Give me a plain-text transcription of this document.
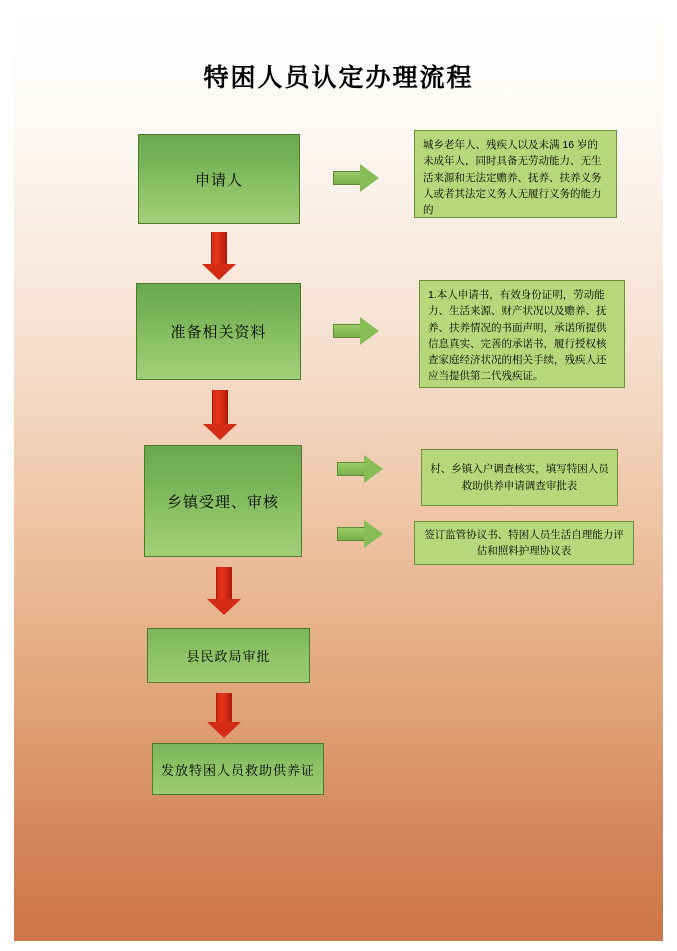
特困人员认定办理流程
申请人
城乡老年人、残疾人以及未满 16 岁的未成年人，同时具备无劳动能力、无生活来源和无法定赡养、抚养、扶养义务人或者其法定义务人无履行义务的能力的
准备相关资料
1.本人申请书，有效身份证明，劳动能力、生活来源、财产状况以及赡养、抚养、扶养情况的书面声明，承诺所提供信息真实、完善的承诺书，履行授权核查家庭经济状况的相关手续，残疾人还应当提供第二代残疾证。
乡镇受理、审核
村、乡镇入户调查核实，填写特困人员救助供养申请调查审批表
签订监管协议书、特困人员生活自理能力评估和照料护理协议表
县民政局审批
发放特困人员救助供养证
